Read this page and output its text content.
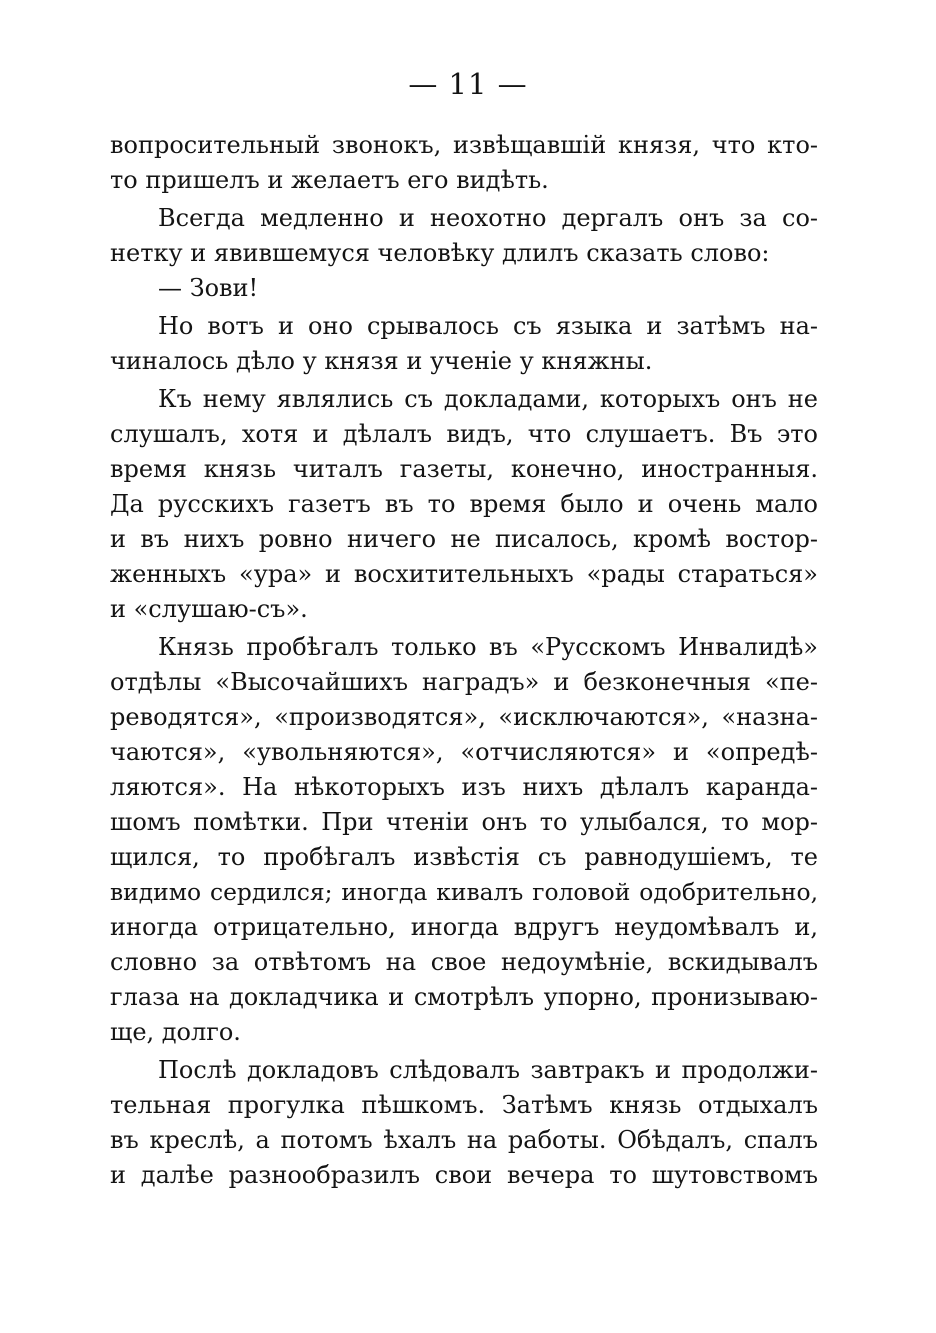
— 11 —
вопросительный звонокъ, извѣщавшій князя, что кто-
то пришелъ и желаетъ его видѣть.
Всегда медленно и неохотно дергалъ онъ за со-
нетку и явившемуся человѣку длилъ сказать слово:
— Зови!
Но вотъ и оно срывалось съ языка и затѣмъ на-
чиналось дѣло у князя и ученіе у княжны.
Къ нему являлись съ докладами, которыхъ онъ не
слушалъ, хотя и дѣлалъ видъ, что слушаетъ. Въ это
время князь читалъ газеты, конечно, иностранныя.
Да русскихъ газетъ въ то время было и очень мало
и въ нихъ ровно ничего не писалось, кромѣ востор-
женныхъ «ура» и восхитительныхъ «рады стараться»
и «слушаю-съ».
Князь пробѣгалъ только въ «Русскомъ Инвалидѣ»
отдѣлы «Высочайшихъ наградъ» и безконечныя «пе-
реводятся», «производятся», «исключаются», «назна-
чаются», «увольняются», «отчисляются» и «опредѣ-
ляются». На нѣкоторыхъ изъ нихъ дѣлалъ каранда-
шомъ помѣтки. При чтеніи онъ то улыбался, то мор-
щился, то пробѣгалъ извѣстія съ равнодушіемъ, те
видимо сердился; иногда кивалъ головой одобрительно,
иногда отрицательно, иногда вдругъ неудомѣвалъ и,
словно за отвѣтомъ на свое недоумѣніе, вскидывалъ
глаза на докладчика и смотрѣлъ упорно, пронизываю-
ще, долго.
Послѣ докладовъ слѣдовалъ завтракъ и продолжи-
тельная прогулка пѣшкомъ. Затѣмъ князь отдыхалъ
въ креслѣ, а потомъ ѣхалъ на работы. Обѣдалъ, спалъ
и далѣе разнообразилъ свои вечера то шутовствомъ
